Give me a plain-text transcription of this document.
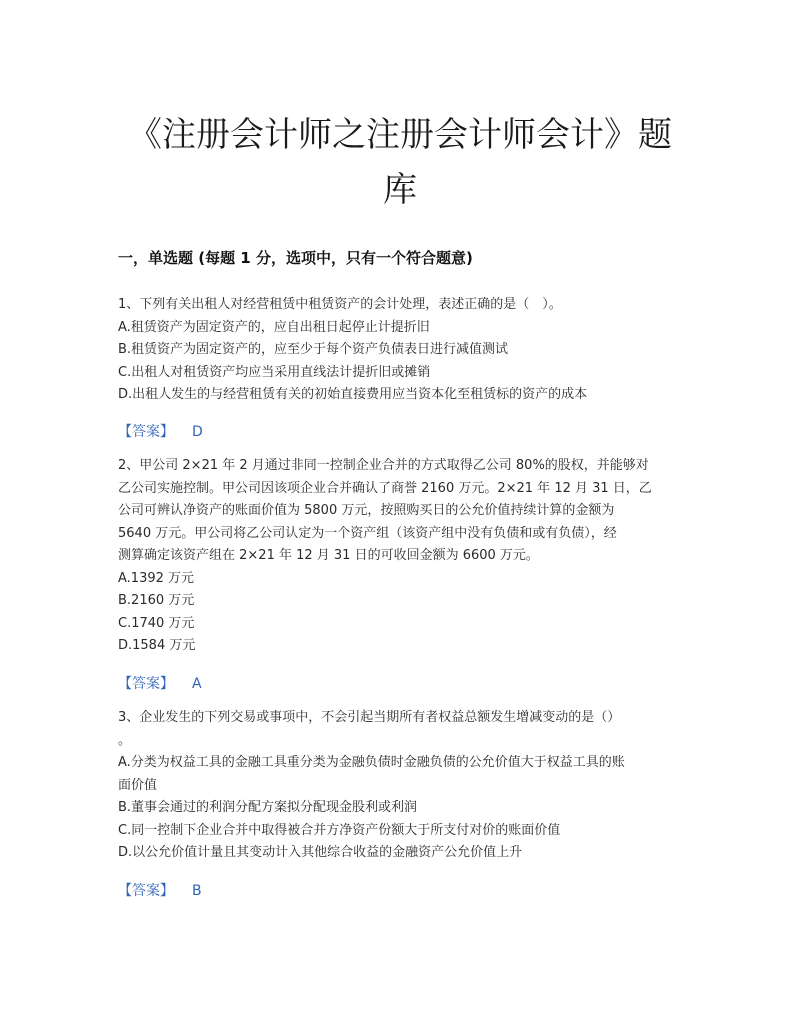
《注册会计师之注册会计师会计》题
库
一，单选题 (每题 1 分，选项中，只有一个符合题意)

1、下列有关出租人对经营租赁中租赁资产的会计处理，表述正确的是（　）。

A.租赁资产为固定资产的，应自出租日起停止计提折旧

B.租赁资产为固定资产的，应至少于每个资产负债表日进行减值测试

C.出租人对租赁资产均应当采用直线法计提折旧或摊销

D.出租人发生的与经营租赁有关的初始直接费用应当资本化至租赁标的资产的成本

【答案】 D

2、甲公司 2×21 年 2 月通过非同一控制企业合并的方式取得乙公司 80%的股权，并能够对

乙公司实施控制。甲公司因该项企业合并确认了商誉 2160 万元。2×21 年 12 月 31 日，乙

公司可辨认净资产的账面价值为 5800 万元，按照购买日的公允价值持续计算的金额为

5640 万元。甲公司将乙公司认定为一个资产组（该资产组中没有负债和或有负债），经

测算确定该资产组在 2×21 年 12 月 31 日的可收回金额为 6600 万元。

A.1392 万元

B.2160 万元

C.1740 万元

D.1584 万元

【答案】 A

3、企业发生的下列交易或事项中，不会引起当期所有者权益总额发生增减变动的是（）

。

A.分类为权益工具的金融工具重分类为金融负债时金融负债的公允价值大于权益工具的账

面价值

B.董事会通过的利润分配方案拟分配现金股利或利润

C.同一控制下企业合并中取得被合并方净资产份额大于所支付对价的账面价值

D.以公允价值计量且其变动计入其他综合收益的金融资产公允价值上升

【答案】 B
